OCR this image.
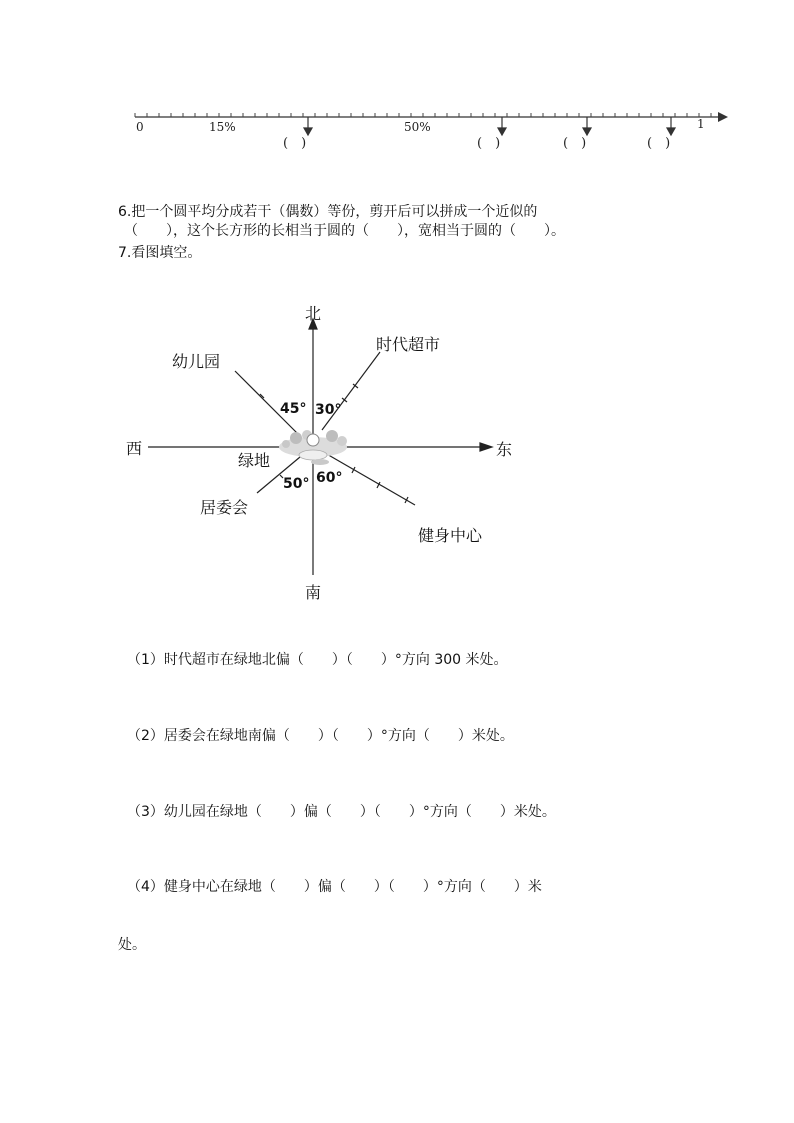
0	15%	50%	1
(　)	(　)	(　)	(　)
6.把一个圆平均分成若干（偶数）等份，剪开后可以拼成一个近似的
（　　），这个长方形的长相当于圆的（　　），宽相当于圆的（　　）。
7.看图填空。
北
南
西	东
幼儿园
时代超市
居委会
健身中心
绿地
45° 30°
50° 60°
（1）时代超市在绿地北偏（　　）（　　）°方向 300 米处。
（2）居委会在绿地南偏（　　）（　　）°方向（　　）米处。
（3）幼儿园在绿地（　　）偏（　　）（　　）°方向（　　）米处。
（4）健身中心在绿地（　　）偏（　　）（　　）°方向（　　）米
处。
